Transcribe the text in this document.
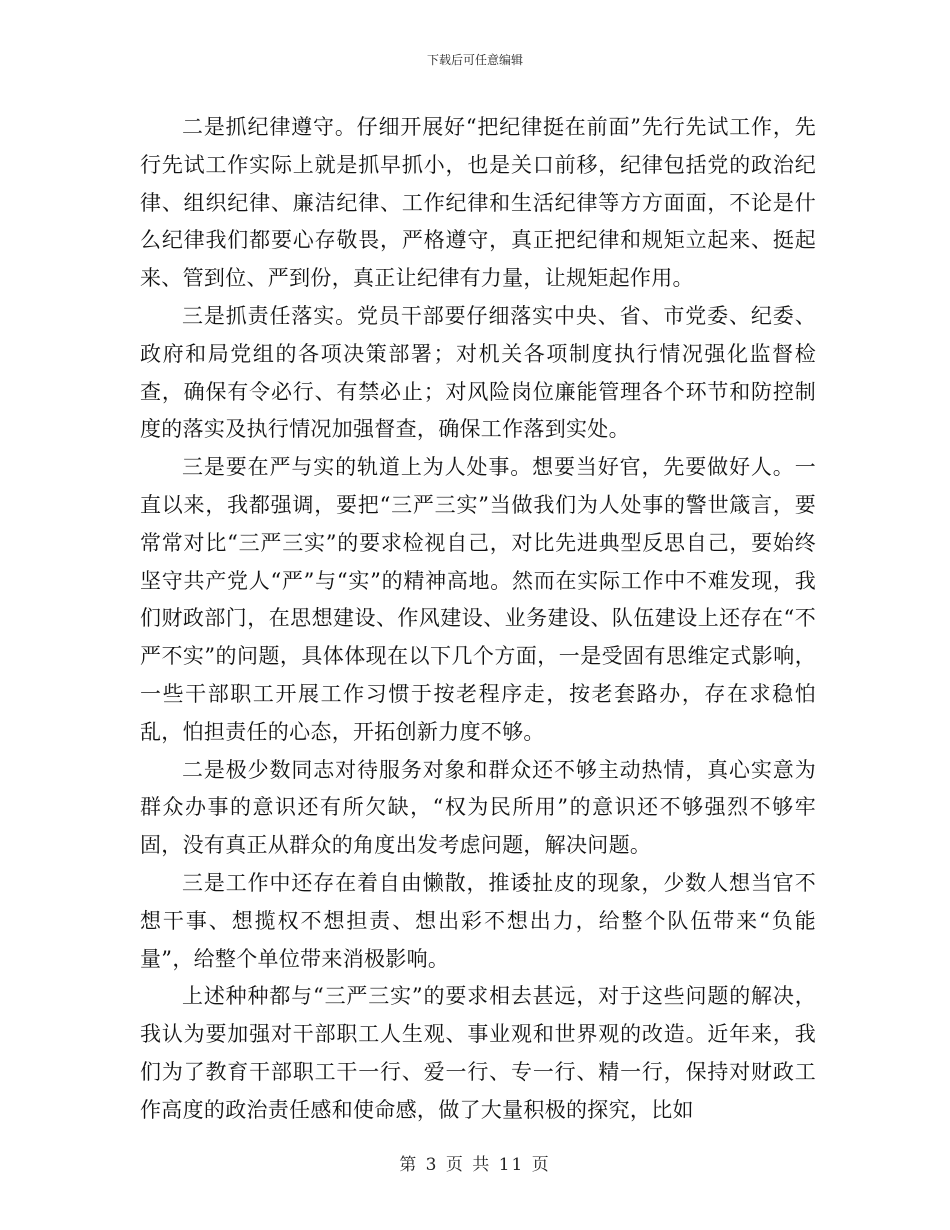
下载后可任意编辑

二是抓纪律遵守。仔细开展好“把纪律挺在前面”先行先试工作，先行先试工作实际上就是抓早抓小，也是关口前移，纪律包括党的政治纪律、组织纪律、廉洁纪律、工作纪律和生活纪律等方方面面，不论是什么纪律我们都要心存敬畏，严格遵守，真正把纪律和规矩立起来、挺起来、管到位、严到份，真正让纪律有力量，让规矩起作用。

三是抓责任落实。党员干部要仔细落实中央、省、市党委、纪委、政府和局党组的各项决策部署；对机关各项制度执行情况强化监督检查，确保有令必行、有禁必止；对风险岗位廉能管理各个环节和防控制度的落实及执行情况加强督查，确保工作落到实处。

三是要在严与实的轨道上为人处事。想要当好官，先要做好人。一直以来，我都强调，要把“三严三实”当做我们为人处事的警世箴言，要常常对比“三严三实”的要求检视自己，对比先进典型反思自己，要始终坚守共产党人“严”与“实”的精神高地。然而在实际工作中不难发现，我们财政部门，在思想建设、作风建设、业务建设、队伍建设上还存在“不严不实”的问题，具体体现在以下几个方面，一是受固有思维定式影响，一些干部职工开展工作习惯于按老程序走，按老套路办，存在求稳怕乱，怕担责任的心态，开拓创新力度不够。

二是极少数同志对待服务对象和群众还不够主动热情，真心实意为群众办事的意识还有所欠缺，“权为民所用”的意识还不够强烈不够牢固，没有真正从群众的角度出发考虑问题，解决问题。

三是工作中还存在着自由懒散，推诿扯皮的现象，少数人想当官不想干事、想揽权不想担责、想出彩不想出力，给整个队伍带来“负能量”，给整个单位带来消极影响。

上述种种都与“三严三实”的要求相去甚远，对于这些问题的解决，我认为要加强对干部职工人生观、事业观和世界观的改造。近年来，我们为了教育干部职工干一行、爱一行、专一行、精一行，保持对财政工作高度的政治责任感和使命感，做了大量积极的探究，比如

第 3 页 共 11 页
